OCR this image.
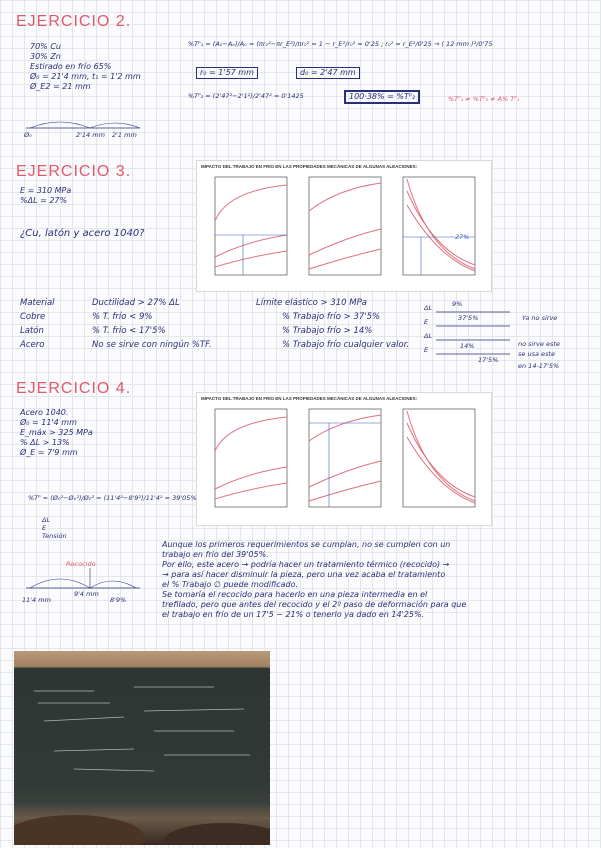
EJERCICIO 2.
70% Cu
30% Zn
Estirado en frío 65%
Ø₀ = 21'4 mm, t₁ = 1'2 mm
Ø_E2 = 21 mm
%Tᴾ₁ = (A₀−Aₑ)/A₀ = (πr₀²−πr_E²)/πr₀² = 1 − r_E²/r₀² = 0'25 ; r₀² = r_E²/0'25 → ( 12 mm )²/0'75
r₀ = 1'57 mm	d₀ = 2'47 mm
%Tᴾ₂ = (2'47²−2'1²)/2'47² = 0'1425	100·38% = %Tᴾ₂	%Tᴾ₁ ≠ %Tᴾ₂ ≠ A% Tᴾ₁
Ø₀	2'14 mm 2'1 mm
EJERCICIO 3.
E = 310 MPa
%ΔL = 27%
¿Cu, latón y acero 1040?
IMPACTO DEL TRABAJO EN FRÍO EN LAS PROPIEDADES MECÁNICAS DE ALGUNAS ALEACIONES:
27%
Material	Ductilidad > 27% ΔL	Límite elástico > 310 MPa
Cobre	% T. frío < 9%	% Trabajo frío > 37'5%
Latón	% T. frío < 17'5%	% Trabajo frío > 14%
Acero	No se sirve con ningún %TF.	% Trabajo frío cualquier valor.
ΔL
E
ΔL
E
9%
37'5%
14%
17'5%
Ya no sirve
no sirve este
se usa este
en 14-17'5%
EJERCICIO 4.
Acero 1040.
Ø₀ = 11'4 mm
E_máx > 325 MPa
% ΔL > 13%
Ø_E = 7'9 mm
IMPACTO DEL TRABAJO EN FRÍO EN LAS PROPIEDADES MECÁNICAS DE ALGUNAS ALEACIONES:
%Tᴾ = (Ø₀²−Øₑ²)/Ø₀² = (11'4²−8'9²)/11'4² = 39'05%
ΔL
E
Tensión
Recocido
11'4 mm
9'4 mm
8'9%
Aunque los primeros requerimientos se cumplan, no se cumplen con un
trabajo en frío del 39'05%.
Por ello, este acero → podría hacer un tratamiento térmico (recocido) →
→ para así hacer disminuir la pieza, pero una vez acaba el tratamiento
el % Trabajo ∅ puede modificado.
Se tomaría el recocido para hacerlo en una pieza intermedia en el
trefilado, pero que antes del recocido y el 2º paso de deformación para que
el trabajo en frío de un 17'5 − 21% o tenerlo ya dado en 14'25%.
